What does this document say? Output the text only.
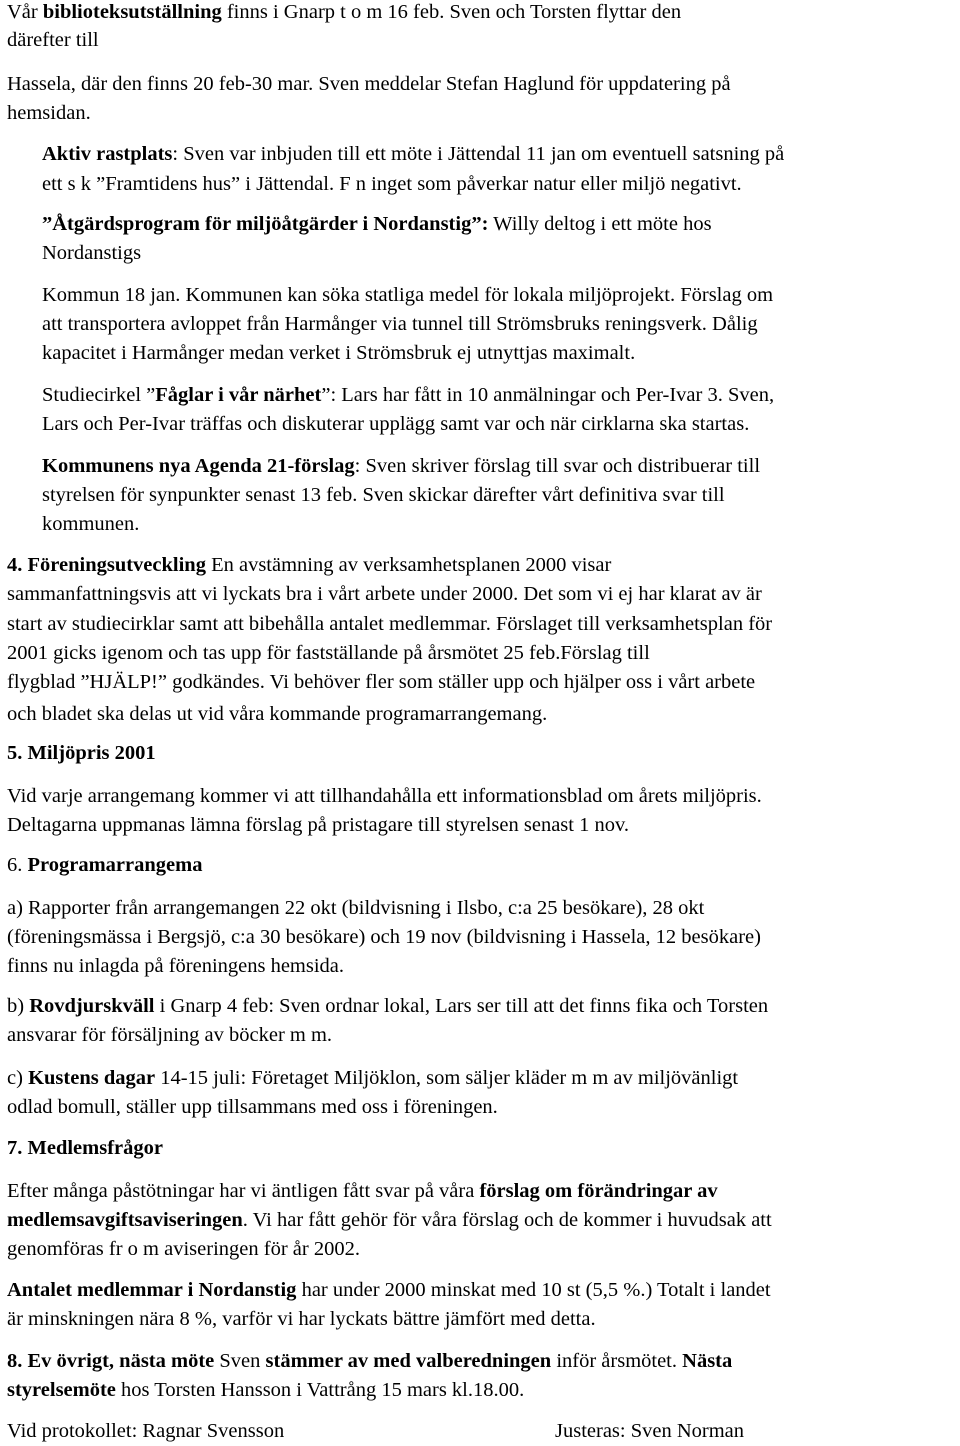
Vår biblioteksutställning finns i Gnarp t o m 16 feb. Sven och Torsten flyttar den
därefter till
Hassela, där den finns 20 feb-30 mar. Sven meddelar Stefan Haglund för uppdatering på
hemsidan.
Aktiv rastplats: Sven var inbjuden till ett möte i Jättendal 11 jan om eventuell satsning på
ett s k ”Framtidens hus” i Jättendal. F n inget som påverkar natur eller miljö negativt.
”Åtgärdsprogram för miljöåtgärder i Nordanstig”: Willy deltog i ett möte hos
Nordanstigs
Kommun 18 jan. Kommunen kan söka statliga medel för lokala miljöprojekt. Förslag om
att transportera avloppet från Harmånger via tunnel till Strömsbruks reningsverk. Dålig
kapacitet i Harmånger medan verket i Strömsbruk ej utnyttjas maximalt.
Studiecirkel ”Fåglar i vår närhet”: Lars har fått in 10 anmälningar och Per-Ivar 3. Sven,
Lars och Per-Ivar träffas och diskuterar upplägg samt var och när cirklarna ska startas.
Kommunens nya Agenda 21-förslag: Sven skriver förslag till svar och distribuerar till
styrelsen för synpunkter senast 13 feb. Sven skickar därefter vårt definitiva svar till
kommunen.
4. Föreningsutveckling En avstämning av verksamhetsplanen 2000 visar
sammanfattningsvis att vi lyckats bra i vårt arbete under 2000. Det som vi ej har klarat av är
start av studiecirklar samt att bibehålla antalet medlemmar. Förslaget till verksamhetsplan för
2001 gicks igenom och tas upp för fastställande på årsmötet 25 feb.Förslag till
flygblad ”HJÄLP!” godkändes. Vi behöver fler som ställer upp och hjälper oss i vårt arbete
och bladet ska delas ut vid våra kommande programarrangemang.
5. Miljöpris 2001
Vid varje arrangemang kommer vi att tillhandahålla ett informationsblad om årets miljöpris.
Deltagarna uppmanas lämna förslag på pristagare till styrelsen senast 1 nov.
6. Programarrangema
a) Rapporter från arrangemangen 22 okt (bildvisning i Ilsbo, c:a 25 besökare), 28 okt
(föreningsmässa i Bergsjö, c:a 30 besökare) och 19 nov (bildvisning i Hassela, 12 besökare)
finns nu inlagda på föreningens hemsida.
b) Rovdjurskväll i Gnarp 4 feb: Sven ordnar lokal, Lars ser till att det finns fika och Torsten
ansvarar för försäljning av böcker m m.
c) Kustens dagar 14-15 juli: Företaget Miljöklon, som säljer kläder m m av miljövänligt
odlad bomull, ställer upp tillsammans med oss i föreningen.
7. Medlemsfrågor
Efter många påstötningar har vi äntligen fått svar på våra förslag om förändringar av
medlemsavgiftsaviseringen. Vi har fått gehör för våra förslag och de kommer i huvudsak att
genomföras fr o m aviseringen för år 2002.
Antalet medlemmar i Nordanstig har under 2000 minskat med 10 st (5,5 %.) Totalt i landet
är minskningen nära 8 %, varför vi har lyckats bättre jämfört med detta.
8. Ev övrigt, nästa möte Sven stämmer av med valberedningen inför årsmötet. Nästa
styrelsemöte hos Torsten Hansson i Vattrång 15 mars kl.18.00.
Vid protokollet: Ragnar Svensson	Justeras: Sven Norman
